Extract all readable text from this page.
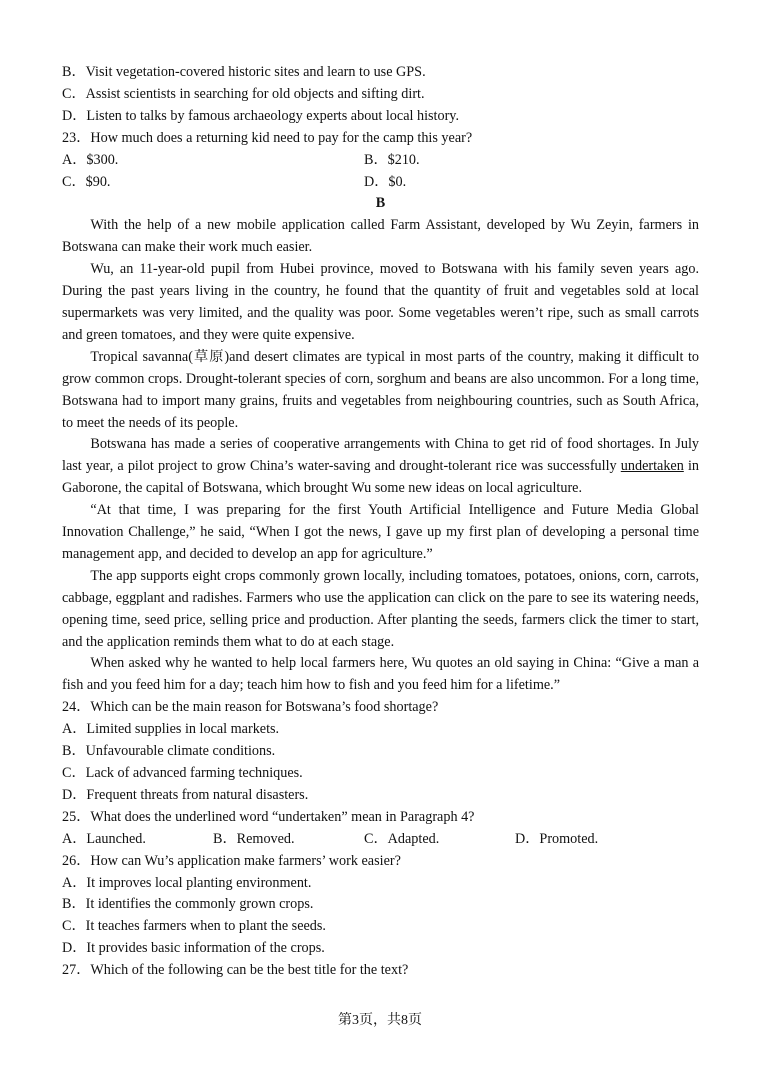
B．Visit vegetation-covered historic sites and learn to use GPS.
C．Assist scientists in searching for old objects and sifting dirt.
D．Listen to talks by famous archaeology experts about local history.
23．How much does a returning kid need to pay for the camp this year?
A．$300.	B．$210.
C．$90.	D．$0.
B

With the help of a new mobile application called Farm Assistant, developed by Wu Zeyin, farmers in Botswana can make their work much easier.

Wu, an 11-year-old pupil from Hubei province, moved to Botswana with his family seven years ago. During the past years living in the country, he found that the quantity of fruit and vegetables sold at local supermarkets was very limited, and the quality was poor. Some vegetables weren’t ripe, such as small carrots and green tomatoes, and they were quite expensive.

Tropical savanna(草原)and desert climates are typical in most parts of the country, making it difficult to grow common crops. Drought-tolerant species of corn, sorghum and beans are also uncommon. For a long time, Botswana had to import many grains, fruits and vegetables from neighbouring countries, such as South Africa, to meet the needs of its people.

Botswana has made a series of cooperative arrangements with China to get rid of food shortages. In July last year, a pilot project to grow China’s water-saving and drought-tolerant rice was successfully undertaken in Gaborone, the capital of Botswana, which brought Wu some new ideas on local agriculture.

“At that time, I was preparing for the first Youth Artificial Intelligence and Future Media Global Innovation Challenge,” he said, “When I got the news, I gave up my first plan of developing a personal time management app, and decided to develop an app for agriculture.”

The app supports eight crops commonly grown locally, including tomatoes, potatoes, onions, corn, carrots, cabbage, eggplant and radishes. Farmers who use the application can click on the pare to see its watering needs, opening time, seed price, selling price and production. After planting the seeds, farmers click the timer to start, and the application reminds them what to do at each stage.

When asked why he wanted to help local farmers here, Wu quotes an old saying in China: “Give a man a fish and you feed him for a day; teach him how to fish and you feed him for a lifetime.”

24．Which can be the main reason for Botswana’s food shortage?
A．Limited supplies in local markets.
B．Unfavourable climate conditions.
C．Lack of advanced farming techniques.
D．Frequent threats from natural disasters.
25．What does the underlined word “undertaken” mean in Paragraph 4?
A．Launched.	B．Removed.	C．Adapted.	D．Promoted.
26．How can Wu’s application make farmers’ work easier?
A．It improves local planting environment.
B．It identifies the commonly grown crops.
C．It teaches farmers when to plant the seeds.
D．It provides basic information of the crops.
27．Which of the following can be the best title for the text?
第3页，共8页
